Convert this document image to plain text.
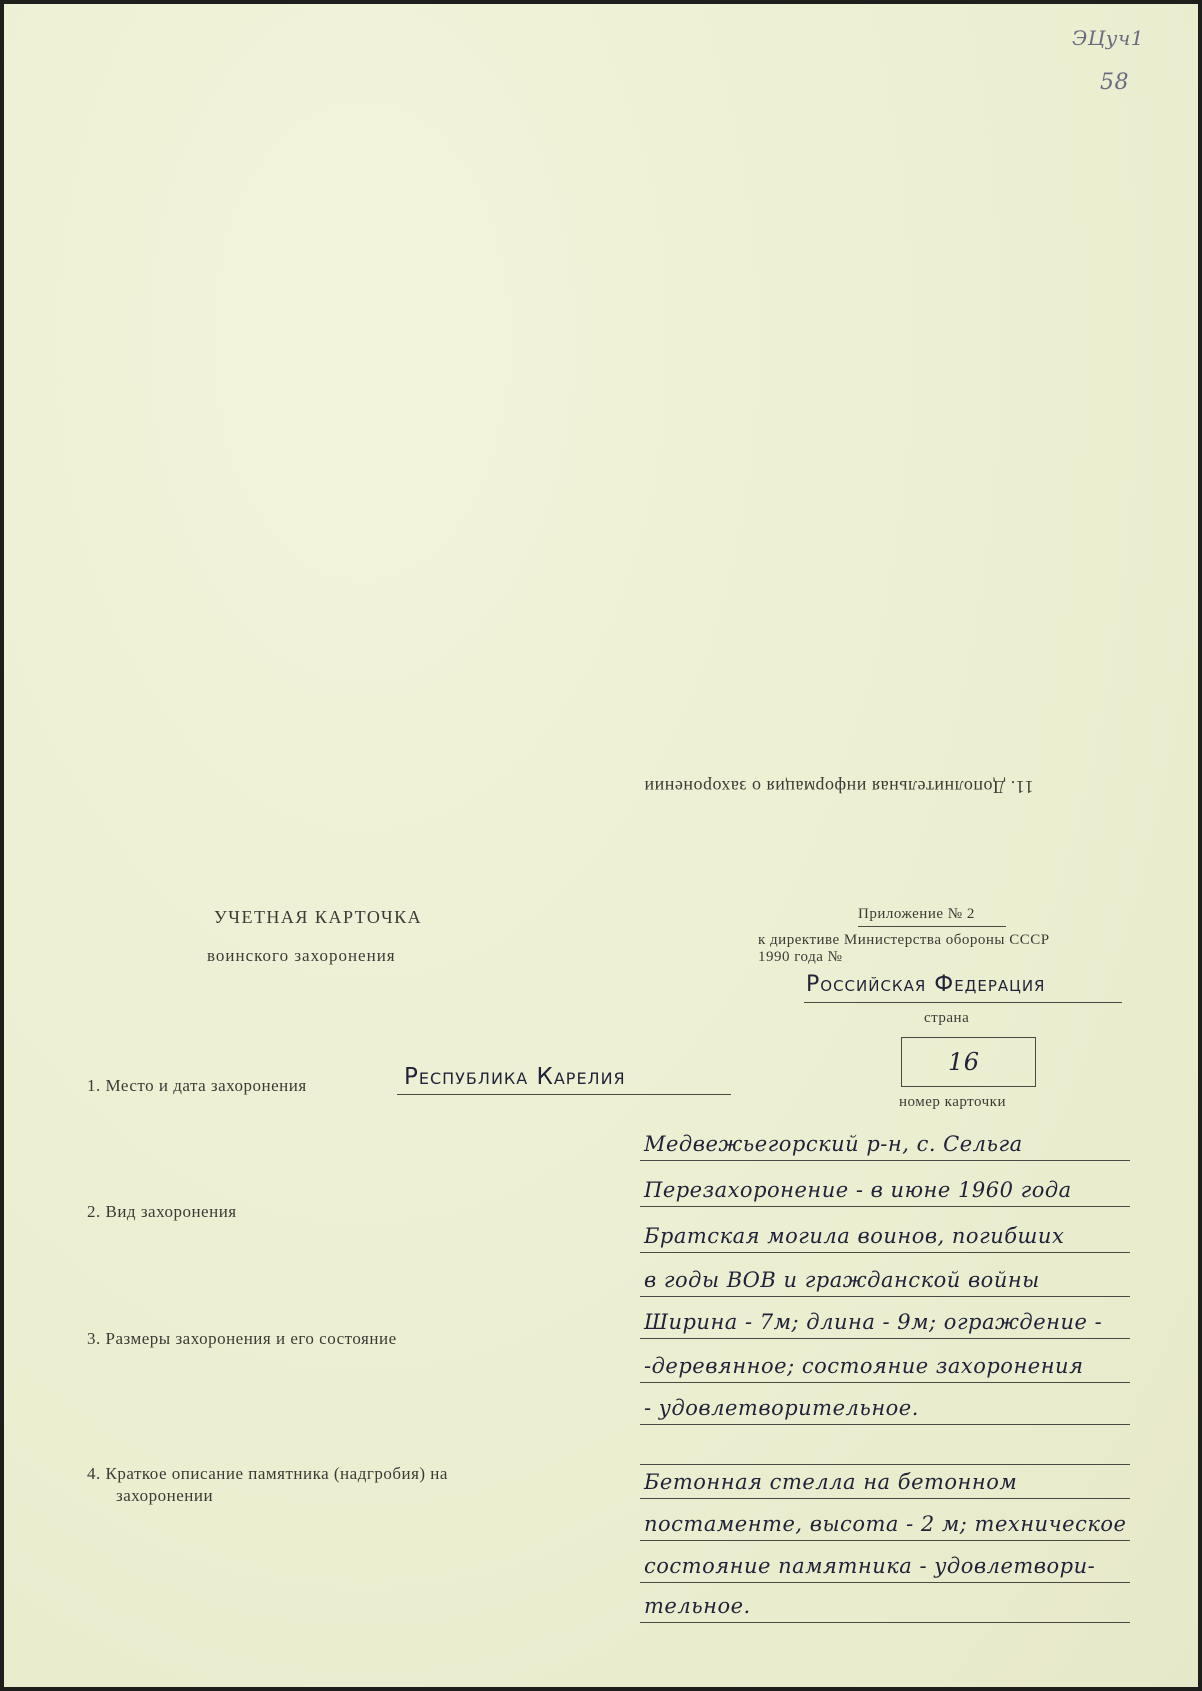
ЭЦуч1
58
11. Дополнительная информация о захоронении
УЧЕТНАЯ КАРТОЧКА
воинского захоронения
Приложение № 2
к директиве Министерства обороны СССР
1990 года №
Российская Федерация
страна
16
номер карточки
1. Место и дата захоронения	Республика Карелия
Медвежьегорский р-н, с. Сельга
Перезахоронение - в июне 1960 года
Братская могила воинов, погибших
в годы ВОВ и гражданской войны
Ширина - 7м; длина - 9м; ограждение -
-деревянное; состояние захоронения
- удовлетворительное.
2. Вид захоронения
3. Размеры захоронения и его состояние
4. Краткое описание памятника (надгробия) на
захоронении
Бетонная стелла на бетонном
постаменте, высота - 2 м; техническое
состояние памятника - удовлетвори-
тельное.
